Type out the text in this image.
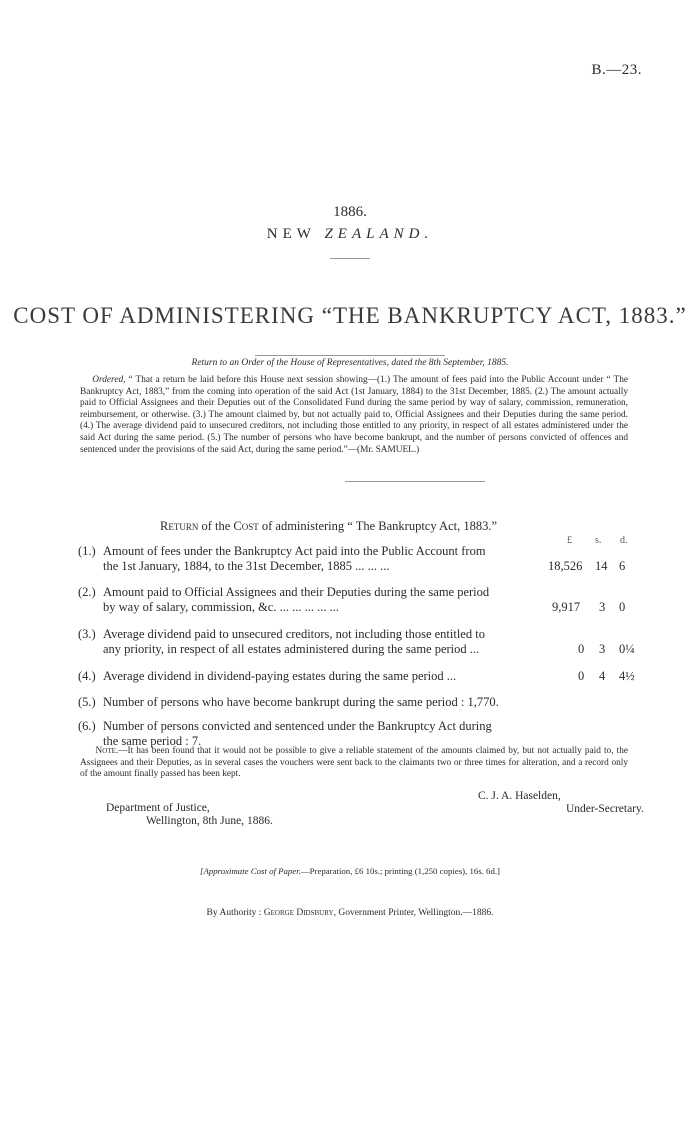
B.—23.
1886.
NEW ZEALAND.
COST OF ADMINISTERING “THE BANKRUPTCY ACT, 1883.”
Return to an Order of the House of Representatives, dated the 8th September, 1885.
Ordered, “ That a return be laid before this House next session showing—(1.) The amount of fees paid into the Public Account under “ The Bankruptcy Act, 1883,” from the coming into operation of the said Act (1st January, 1884) to the 31st December, 1885. (2.) The amount actually paid to Official Assignees and their Deputies out of the Consolidated Fund during the same period by way of salary, commission, remuneration, reimbursement, or otherwise. (3.) The amount claimed by, but not actually paid to, Official Assignees and their Deputies during the same period. (4.) The average dividend paid to unsecured creditors, not including those entitled to any priority, in respect of all estates administered under the said Act during the same period. (5.) The number of persons who have become bankrupt, and the number of persons convicted of offences and sentenced under the provisions of the said Act, during the same period.”—(Mr. SAMUEL.)
Return of the Cost of administering “ The Bankruptcy Act, 1883.”
£ s. d.
(1.) Amount of fees under the Bankruptcy Act paid into the Public Account from
the 1st January, 1884, to the 31st December, 1885 ... ... ...	18,526 14 6
(2.) Amount paid to Official Assignees and their Deputies during the same period
by way of salary, commission, &c. ... ... ... ... ...	9,917 3 0
(3.) Average dividend paid to unsecured creditors, not including those entitled to
any priority, in respect of all estates administered during the same period ...	0 3 0¼
(4.) Average dividend in dividend-paying estates during the same period ...	0 4 4½
(5.) Number of persons who have become bankrupt during the same period : 1,770.
(6.) Number of persons convicted and sentenced under the Bankruptcy Act during
the same period : 7.
Note.—It has been found that it would not be possible to give a reliable statement of the amounts claimed by, but not actually paid to, the Assignees and their Deputies, as in several cases the vouchers were sent back to the claimants two or three times for alteration, and a record only of the amount finally passed has been kept.
C. J. A. Haselden,
Under-Secretary.
Department of Justice,
Wellington, 8th June, 1886.
[Approximate Cost of Paper.—Preparation, £6 10s.; printing (1,250 copies), 16s. 6d.]
By Authority : George Didsbury, Government Printer, Wellington.—1886.
